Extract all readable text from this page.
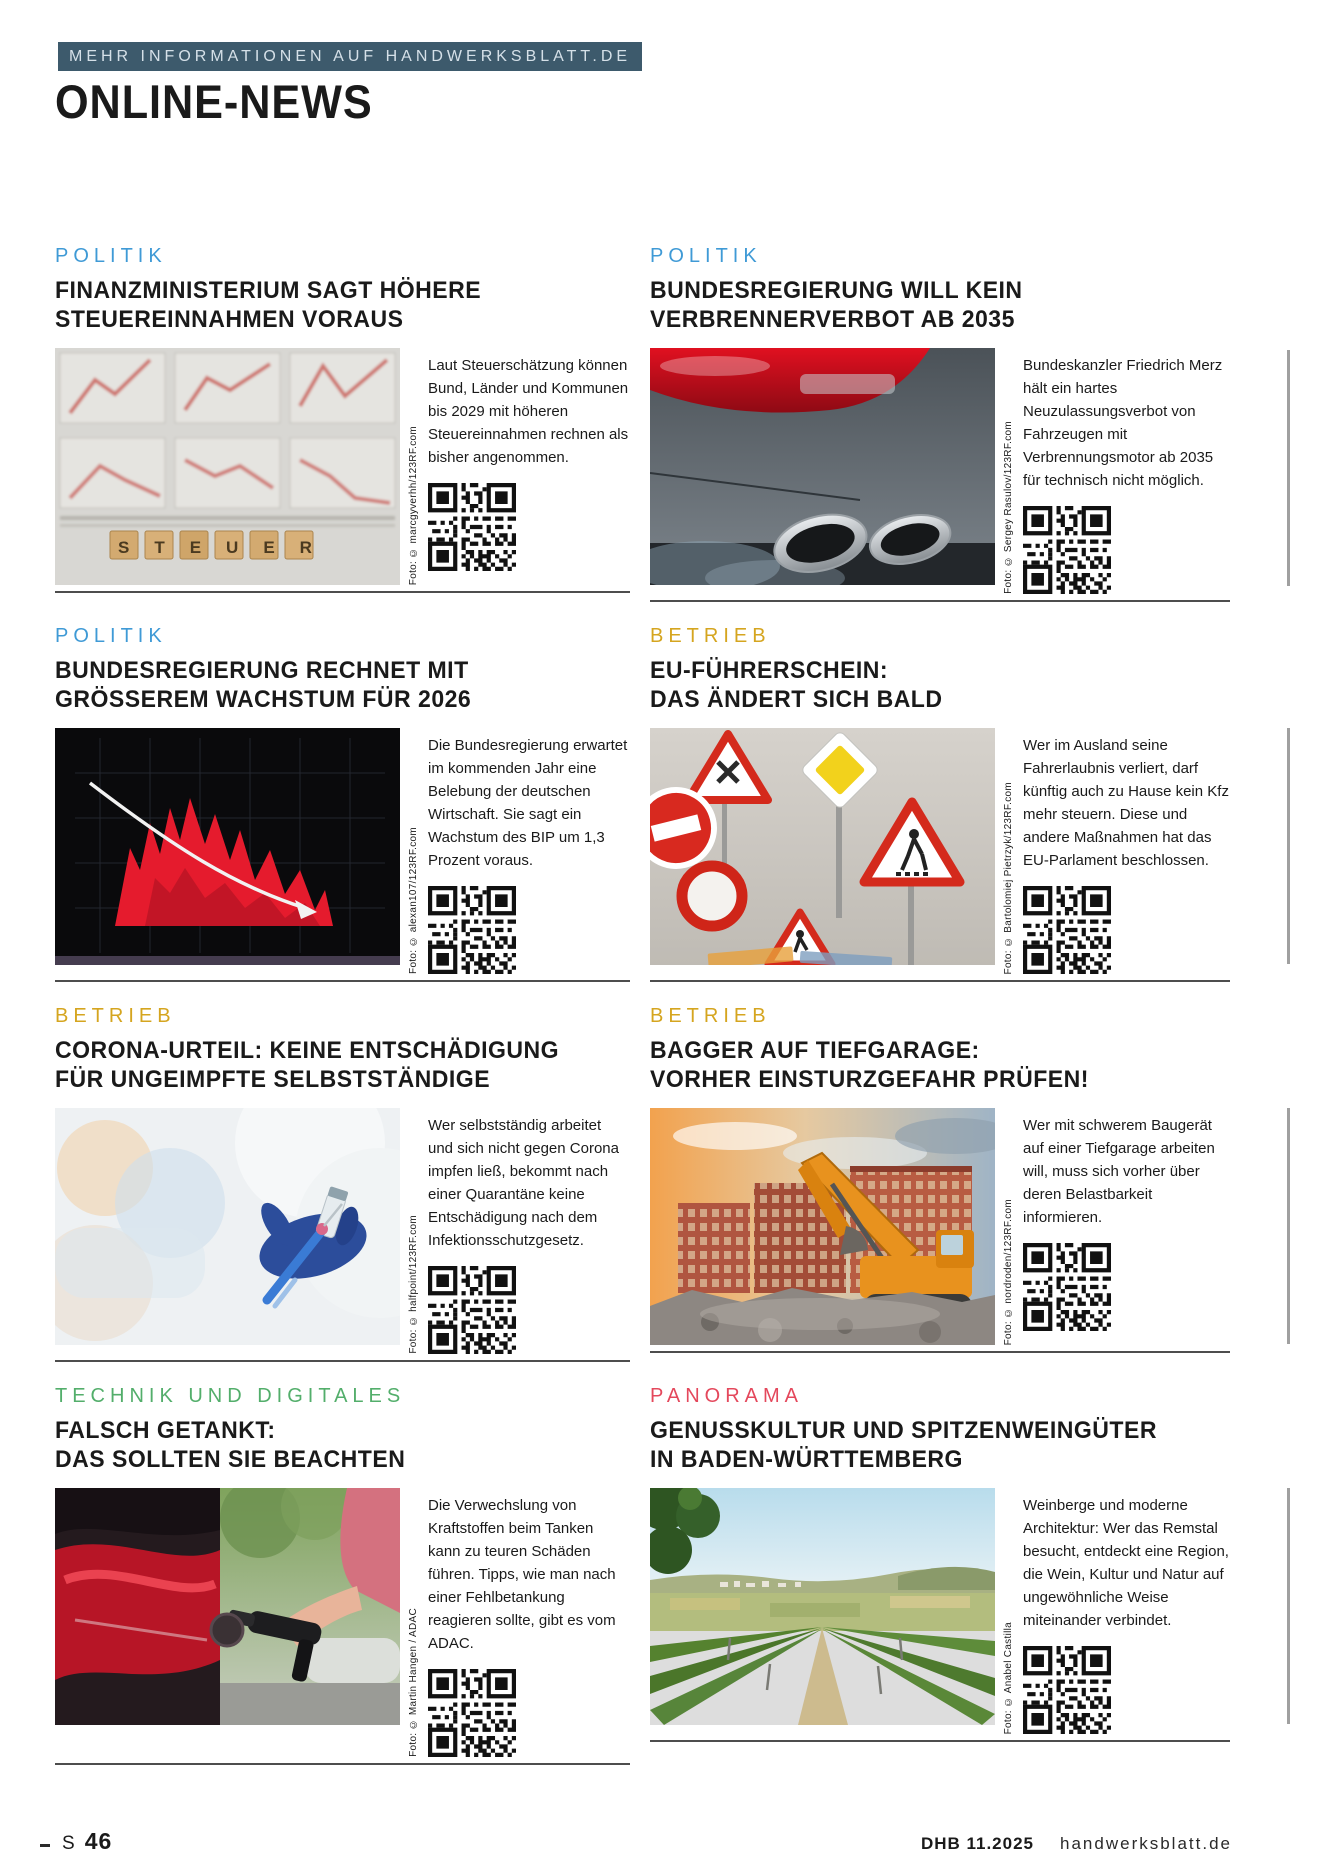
MEHR INFORMATIONEN AUF HANDWERKSBLATT.DE
ONLINE-NEWS
POLITIK
FINANZMINISTERIUM SAGT HÖHERE
STEUEREINNAHMEN VORAUS
STEUER	Foto: © marcgyverhh/123RF.com

Laut Steuerschätzung können Bund, Länder und Kommunen bis 2029 mit höheren Steuereinnahmen rechnen als bisher angenommen.

POLITIK
BUNDESREGIERUNG WILL KEIN
VERBRENNERVERBOT AB 2035
Foto: © Sergey Rasulov/123RF.com

Bundeskanzler Friedrich Merz hält ein hartes Neuzulassungsverbot von Fahrzeugen mit Verbrennungsmotor ab 2035 für technisch nicht möglich.

POLITIK
BUNDESREGIERUNG RECHNET MIT
GRÖSSEREM WACHSTUM FÜR 2026
Foto: © alexan107/123RF.com

Die Bundesregierung erwartet im kommenden Jahr eine Belebung der deutschen Wirtschaft. Sie sagt ein Wachstum des BIP um 1,3 Prozent voraus.

BETRIEB
EU-FÜHRERSCHEIN:
DAS ÄNDERT SICH BALD
Foto: © Bartolomiej Pietrzyk/123RF.com

Wer im Ausland seine Fahrerlaubnis verliert, darf künftig auch zu Hause kein Kfz mehr steuern. Diese und andere Maßnahmen hat das EU-Parlament beschlossen.

BETRIEB
CORONA-URTEIL: KEINE ENTSCHÄDIGUNG
FÜR UNGEIMPFTE SELBSTSTÄNDIGE
Foto: © halfpoint/123RF.com

Wer selbstständig arbeitet und sich nicht gegen Corona impfen ließ, bekommt nach einer Quarantäne keine Entschädigung nach dem Infektionsschutzgesetz.

BETRIEB
BAGGER AUF TIEFGARAGE:
VORHER EINSTURZGEFAHR PRÜFEN!
Foto: © nordroden/123RF.com

Wer mit schwerem Baugerät auf einer Tiefgarage arbeiten will, muss sich vorher über deren Belastbarkeit informieren.

TECHNIK UND DIGITALES
FALSCH GETANKT:
DAS SOLLTEN SIE BEACHTEN
Foto: © Martin Hangen / ADAC

Die Verwechslung von Kraftstoffen beim Tanken kann zu teuren Schäden führen. Tipps, wie man nach einer Fehlbetankung reagieren sollte, gibt es vom ADAC.

PANORAMA
GENUSSKULTUR UND SPITZENWEINGÜTER
IN BADEN-WÜRTTEMBERG
Foto: © Anabel Castilla

Weinberge und moderne Architektur: Wer das Remstal besucht, entdeckt eine Region, die Wein, Kultur und Natur auf ungewöhnliche Weise miteinander verbindet.

S 46	DHB 11.2025 handwerksblatt.de
